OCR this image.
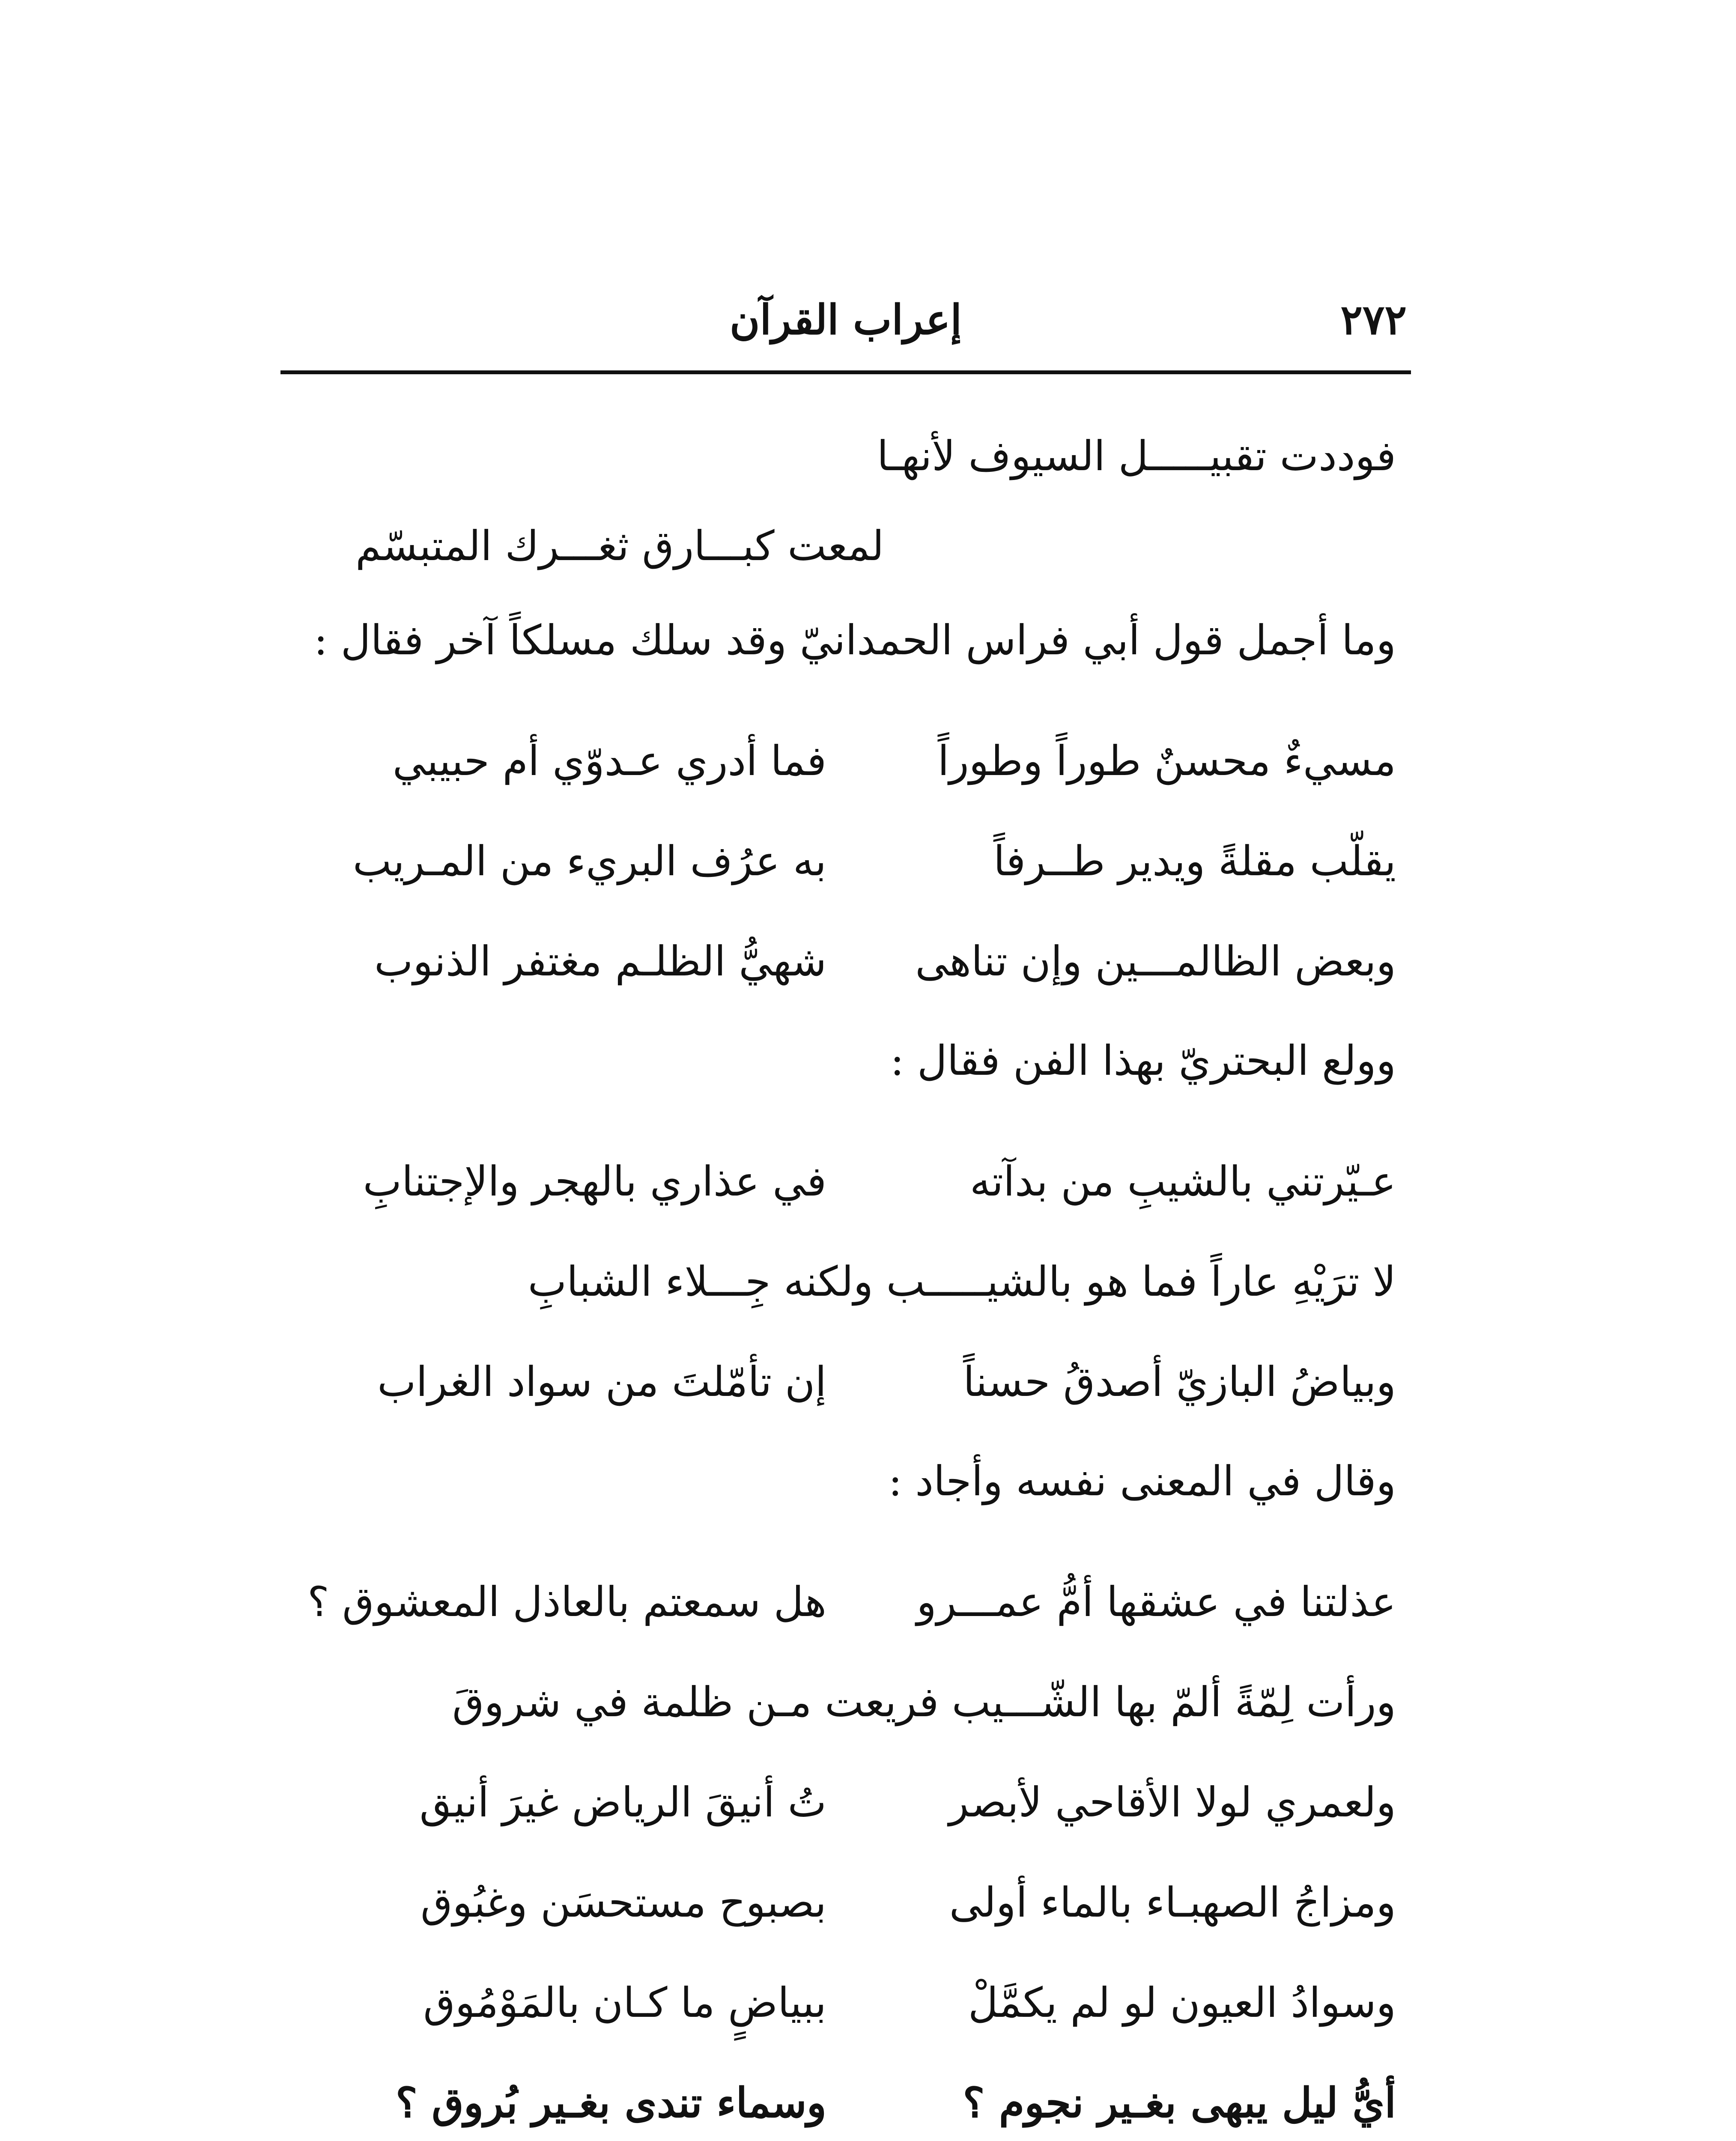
٢٧٢
إعراب القرآن
فوددت تقبيـــــل السيوف لأنهـا
لمعت كبـــارق ثغـــرك المتبسّم
وما أجمل قول أبي فراس الحمدانيّ وقد سلك مسلكاً آخر فقال :
مسيءٌ محسنٌ طوراً وطوراً
فما أدري عـدوّي أم حبيبي
يقلّب مقلةً ويدير طــرفاً
به عرُف البريء من المـريب
وبعض الظالمـــين وإن تناهى
شهيُّ الظلـم مغتفر الذنوب
وولع البحتريّ بهذا الفن فقال :
عـيّرتني بالشيبِ من بدآته
في عذاري بالهجر والإجتنابِ
لا ترَيْهِ عاراً فما هو بالشيـــــب ولكنه جِـــلاء الشبابِ
وبياضُ البازيّ أصدقُ حسناً
إن تأمّلتَ من سواد الغراب
وقال في المعنى نفسه وأجاد :
عذلتنا في عشقها أمُّ عمـــرو
هل سمعتم بالعاذل المعشوق ؟
ورأت لِمّةً ألمّ بها الشّـــيب فريعت مـن ظلمة في شروقَ
ولعمري لولا الأقاحي لأبصر
تُ أنيقَ الرياض غيرَ أنيق
ومزاجُ الصهبـاء بالماء أولى
بصبوح مستحسَن وغبُوق
وسوادُ العيون لو لم يكمَّلْ
ببياضٍ ما كـان بالمَوْمُوق
أيُّ ليل يبهى بغـير نجوم ؟
وسماء تندى بغـير بُروق ؟
